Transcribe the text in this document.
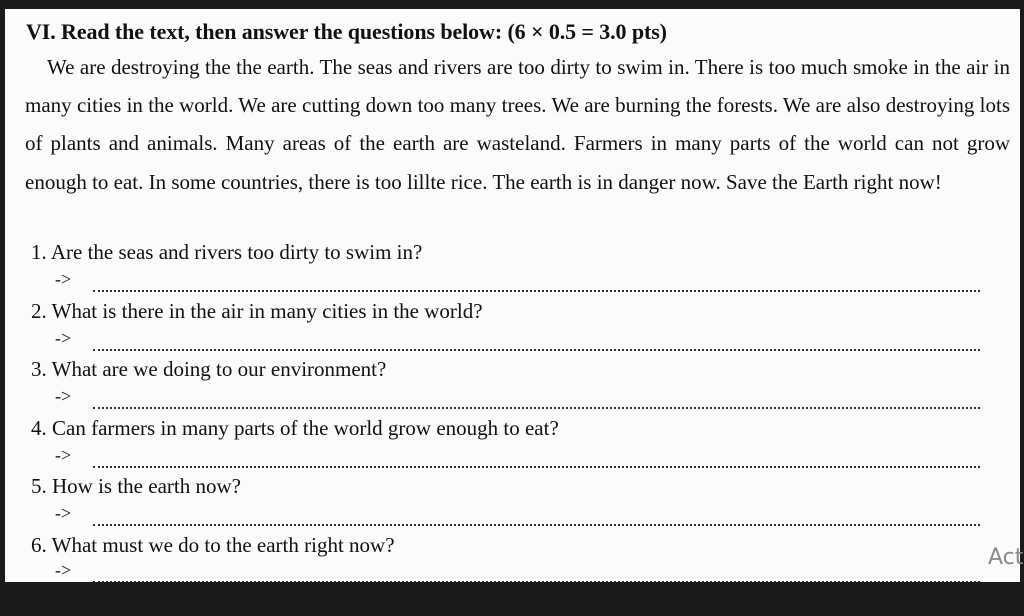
VI. Read the text, then answer the questions below: (6 × 0.5 = 3.0 pts)

We are destroying the the earth. The seas and rivers are too dirty to swim in. There is too much smoke in the air in many cities in the world. We are cutting down too many trees. We are burning the forests. We are also destroying lots of plants and animals. Many areas of the earth are wasteland. Farmers in many parts of the world can not grow enough to eat. In some countries, there is too lillte rice. The earth is in danger now. Save the Earth right now!

1. Are the seas and rivers too dirty to swim in?
->
2. What is there in the air in many cities in the world?
->
3. What are we doing to our environment?
->
4. Can farmers in many parts of the world grow enough to eat?
->
5. How is the earth now?
->
6. What must we do to the earth right now?
->	Act
